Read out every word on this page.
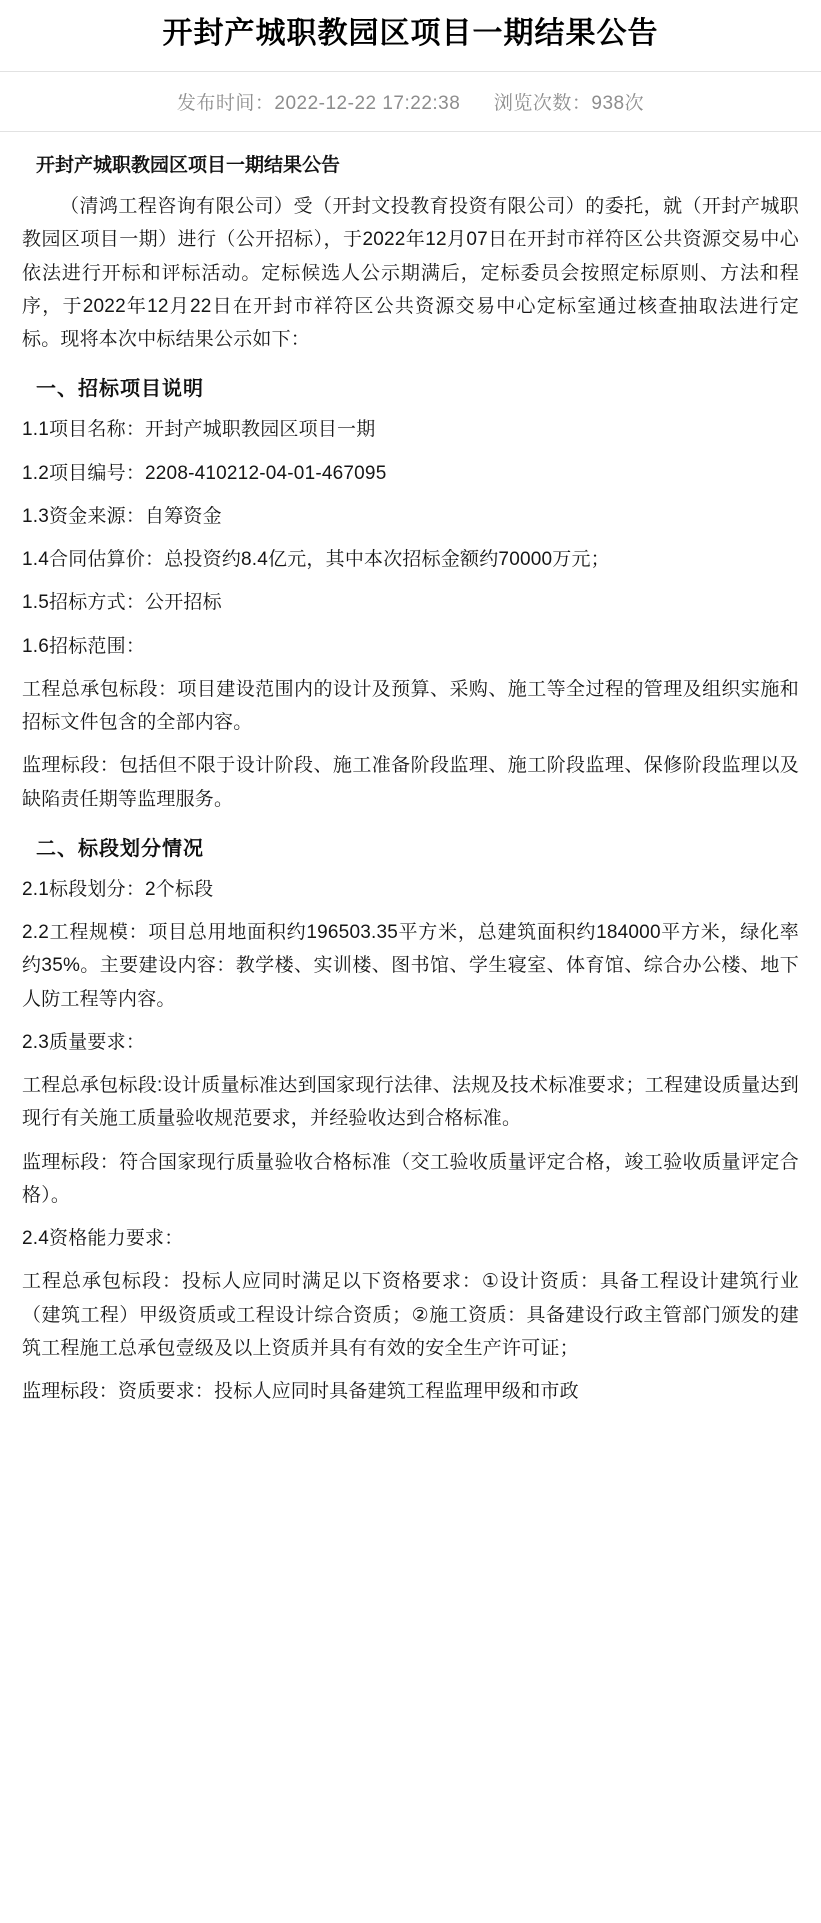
开封产城职教园区项目一期结果公告
发布时间：2022-12-22 17:22:38 浏览次数：938次
开封产城职教园区项目一期结果公告

（清鸿工程咨询有限公司）受（开封文投教育投资有限公司）的委托，就（开封产城职教园区项目一期）进行（公开招标），于2022年12月07日在开封市祥符区公共资源交易中心依法进行开标和评标活动。定标候选人公示期满后，定标委员会按照定标原则、方法和程序，于2022年12月22日在开封市祥符区公共资源交易中心定标室通过核查抽取法进行定标。现将本次中标结果公示如下：

一、招标项目说明

1.1项目名称：开封产城职教园区项目一期

1.2项目编号：2208-410212-04-01-467095

1.3资金来源：自筹资金

1.4合同估算价：总投资约8.4亿元，其中本次招标金额约70000万元；

1.5招标方式：公开招标

1.6招标范围：

工程总承包标段：项目建设范围内的设计及预算、采购、施工等全过程的管理及组织实施和招标文件包含的全部内容。

监理标段：包括但不限于设计阶段、施工准备阶段监理、施工阶段监理、保修阶段监理以及缺陷责任期等监理服务。

二、标段划分情况

2.1标段划分：2个标段

2.2工程规模：项目总用地面积约196503.35平方米，总建筑面积约184000平方米，绿化率约35%。主要建设内容：教学楼、实训楼、图书馆、学生寝室、体育馆、综合办公楼、地下人防工程等内容。

2.3质量要求：

工程总承包标段:设计质量标准达到国家现行法律、法规及技术标准要求；工程建设质量达到现行有关施工质量验收规范要求，并经验收达到合格标准。

监理标段：符合国家现行质量验收合格标准（交工验收质量评定合格，竣工验收质量评定合格）。

2.4资格能力要求：

工程总承包标段：投标人应同时满足以下资格要求：①设计资质：具备工程设计建筑行业（建筑工程）甲级资质或工程设计综合资质；②施工资质：具备建设行政主管部门颁发的建筑工程施工总承包壹级及以上资质并具有有效的安全生产许可证；

监理标段：资质要求：投标人应同时具备建筑工程监理甲级和市政
